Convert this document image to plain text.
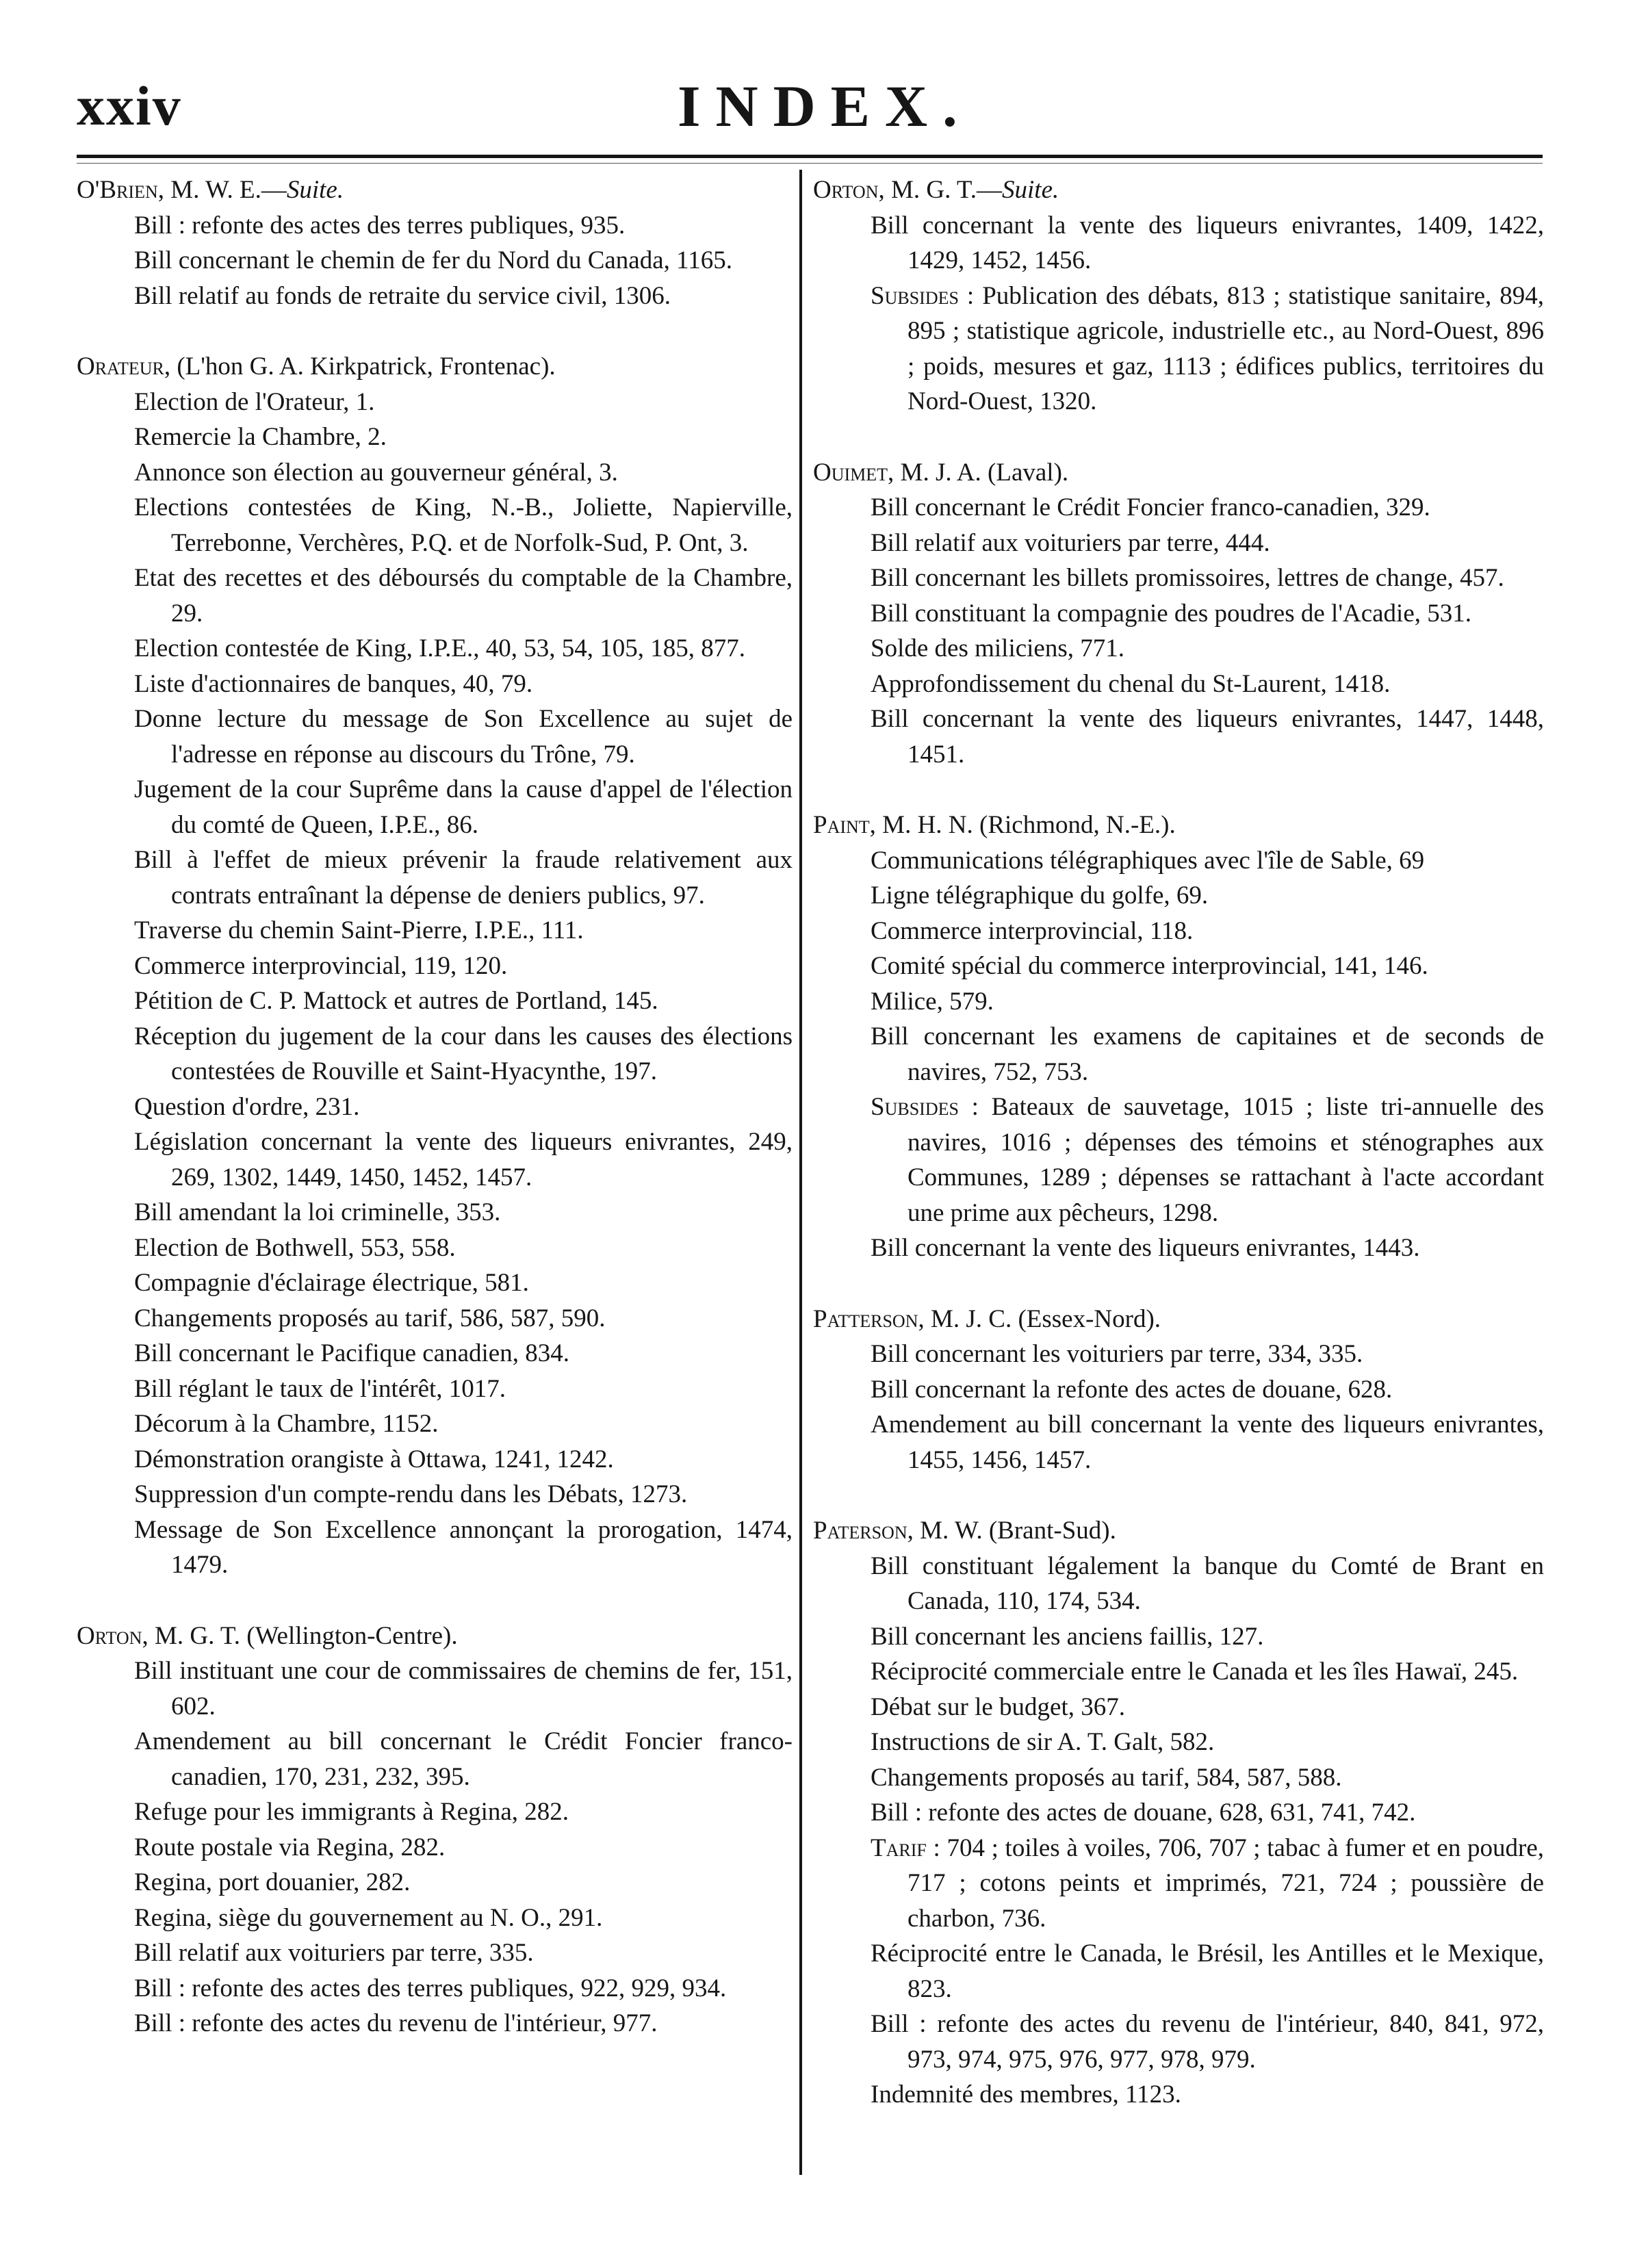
xxiv	INDEX.
O'Brien, M. W. E.—Suite.
Bill : refonte des actes des terres publiques, 935.
Bill concernant le chemin de fer du Nord du Canada, 1165.
Bill relatif au fonds de retraite du service civil, 1306.
Orateur, (L'hon G. A. Kirkpatrick, Frontenac).
Election de l'Orateur, 1.
Remercie la Chambre, 2.
Annonce son élection au gouverneur général, 3.
Elections contestées de King, N.-B., Joliette, Napierville, Terrebonne, Verchères, P.Q. et de Norfolk-Sud, P. Ont, 3.
Etat des recettes et des déboursés du comptable de la Chambre, 29.
Election contestée de King, I.P.E., 40, 53, 54, 105, 185, 877.
Liste d'actionnaires de banques, 40, 79.
Donne lecture du message de Son Excellence au sujet de l'adresse en réponse au discours du Trône, 79.
Jugement de la cour Suprême dans la cause d'appel de l'élection du comté de Queen, I.P.E., 86.
Bill à l'effet de mieux prévenir la fraude relativement aux contrats entraînant la dépense de deniers publics, 97.
Traverse du chemin Saint-Pierre, I.P.E., 111.
Commerce interprovincial, 119, 120.
Pétition de C. P. Mattock et autres de Portland, 145.
Réception du jugement de la cour dans les causes des élections contestées de Rouville et Saint-Hyacynthe, 197.
Question d'ordre, 231.
Législation concernant la vente des liqueurs enivrantes, 249, 269, 1302, 1449, 1450, 1452, 1457.
Bill amendant la loi criminelle, 353.
Election de Bothwell, 553, 558.
Compagnie d'éclairage électrique, 581.
Changements proposés au tarif, 586, 587, 590.
Bill concernant le Pacifique canadien, 834.
Bill réglant le taux de l'intérêt, 1017.
Décorum à la Chambre, 1152.
Démonstration orangiste à Ottawa, 1241, 1242.
Suppression d'un compte-rendu dans les Débats, 1273.
Message de Son Excellence annonçant la prorogation, 1474, 1479.
Orton, M. G. T. (Wellington-Centre).
Bill instituant une cour de commissaires de chemins de fer, 151, 602.
Amendement au bill concernant le Crédit Foncier franco-canadien, 170, 231, 232, 395.
Refuge pour les immigrants à Regina, 282.
Route postale via Regina, 282.
Regina, port douanier, 282.
Regina, siège du gouvernement au N. O., 291.
Bill relatif aux voituriers par terre, 335.
Bill : refonte des actes des terres publiques, 922, 929, 934.
Bill : refonte des actes du revenu de l'intérieur, 977.
Orton, M. G. T.—Suite.
Bill concernant la vente des liqueurs enivrantes, 1409, 1422, 1429, 1452, 1456.
Subsides : Publication des débats, 813 ; statistique sanitaire, 894, 895 ; statistique agricole, industrielle etc., au Nord-Ouest, 896 ; poids, mesures et gaz, 1113 ; édifices publics, territoires du Nord-Ouest, 1320.
Ouimet, M. J. A. (Laval).
Bill concernant le Crédit Foncier franco-canadien, 329.
Bill relatif aux voituriers par terre, 444.
Bill concernant les billets promissoires, lettres de change, 457.
Bill constituant la compagnie des poudres de l'Acadie, 531.
Solde des miliciens, 771.
Approfondissement du chenal du St-Laurent, 1418.
Bill concernant la vente des liqueurs enivrantes, 1447, 1448, 1451.
Paint, M. H. N. (Richmond, N.-E.).
Communications télégraphiques avec l'île de Sable, 69
Ligne télégraphique du golfe, 69.
Commerce interprovincial, 118.
Comité spécial du commerce interprovincial, 141, 146.
Milice, 579.
Bill concernant les examens de capitaines et de seconds de navires, 752, 753.
Subsides : Bateaux de sauvetage, 1015 ; liste tri-annuelle des navires, 1016 ; dépenses des témoins et sténographes aux Communes, 1289 ; dépenses se rattachant à l'acte accordant une prime aux pêcheurs, 1298.
Bill concernant la vente des liqueurs enivrantes, 1443.
Patterson, M. J. C. (Essex-Nord).
Bill concernant les voituriers par terre, 334, 335.
Bill concernant la refonte des actes de douane, 628.
Amendement au bill concernant la vente des liqueurs enivrantes, 1455, 1456, 1457.
Paterson, M. W. (Brant-Sud).
Bill constituant légalement la banque du Comté de Brant en Canada, 110, 174, 534.
Bill concernant les anciens faillis, 127.
Réciprocité commerciale entre le Canada et les îles Hawaï, 245.
Débat sur le budget, 367.
Instructions de sir A. T. Galt, 582.
Changements proposés au tarif, 584, 587, 588.
Bill : refonte des actes de douane, 628, 631, 741, 742.
Tarif : 704 ; toiles à voiles, 706, 707 ; tabac à fumer et en poudre, 717 ; cotons peints et imprimés, 721, 724 ; poussière de charbon, 736.
Réciprocité entre le Canada, le Brésil, les Antilles et le Mexique, 823.
Bill : refonte des actes du revenu de l'intérieur, 840, 841, 972, 973, 974, 975, 976, 977, 978, 979.
Indemnité des membres, 1123.
